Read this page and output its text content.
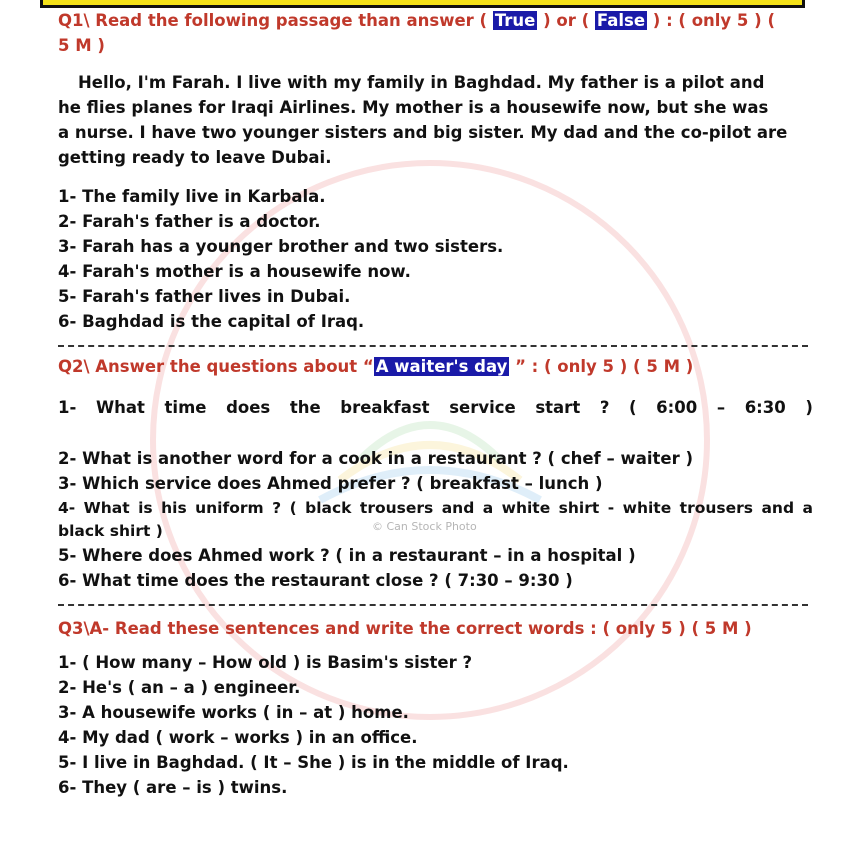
© Can Stock Photo
Q1\ Read the following passage than answer ( True ) or ( False ) : ( only 5 ) (
5 M )
Hello, I'm Farah. I live with my family in Baghdad. My father is a pilot and
he flies planes for Iraqi Airlines. My mother is a housewife now, but she was
a nurse. I have two younger sisters and big sister. My dad and the co-pilot are
getting ready to leave Dubai.
1- The family live in Karbala.
2- Farah's father is a doctor.
3- Farah has a younger brother and two sisters.
4- Farah's mother is a housewife now.
5- Farah's father lives in Dubai.
6- Baghdad is the capital of Iraq.
Q2\ Answer the questions about “ A waiter's day ” : ( only 5 ) ( 5 M )
1- What time does the breakfast service start ? ( 6:00 – 6:30 )
2- What is another word for a cook in a restaurant ? ( chef – waiter )
3- Which service does Ahmed prefer ? ( breakfast – lunch )
4- What is his uniform ? ( black trousers and a white shirt - white trousers and a
black shirt )
5- Where does Ahmed work ? ( in a restaurant – in a hospital )
6- What time does the restaurant close ? ( 7:30 – 9:30 )
Q3\A- Read these sentences and write the correct words : ( only 5 ) ( 5 M )
1- ( How many – How old ) is Basim's sister ?
2- He's ( an – a ) engineer.
3- A housewife works ( in – at ) home.
4- My dad ( work – works ) in an office.
5- I live in Baghdad. ( It – She ) is in the middle of Iraq.
6- They ( are – is ) twins.
